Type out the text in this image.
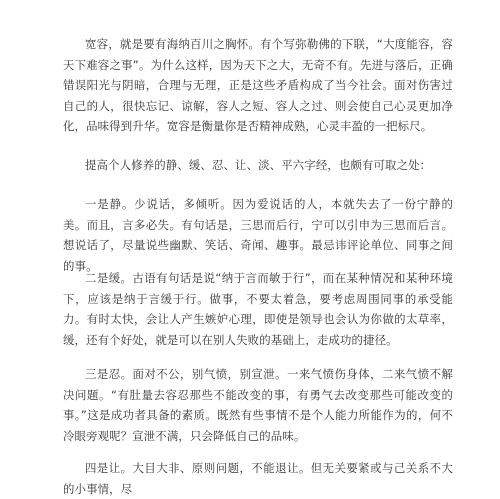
宽容，就是要有海纳百川之胸怀。有个写弥勒佛的下联，“大度能容，容天下难容之事”。为什么这样，因为天下之大，无奇不有。先进与落后，正确错误阳光与阴暗，合理与无理，正是这些矛盾构成了当今社会。面对伤害过自己的人，很快忘记、谅解，容人之短、容人之过、则会使自己心灵更加净化，品味得到升华。宽容是衡量你是否精神成熟，心灵丰盈的一把标尺。

提高个人修养的静、缓、忍、让、淡、平六字经，也颇有可取之处：

一是静。少说话，多倾听。因为爱说话的人，本就失去了一份宁静的美。而且，言多必失。有句话是，三思而后行，宁可以引申为三思而后言。想说话了，尽量说些幽默、笑话、奇闻、趣事。最忌讳评论单位、同事之间的事。

二是缓。古语有句话是说“纳于言而敏于行”，而在某种情况和某种环境下，应该是纳于言缓于行。做事，不要太着急，要考虑周围同事的承受能力。有时太快，会让人产生嫉妒心理，即使是领导也会认为你做的太草率，缓，还有个好处，就是可以在别人失败的基础上，走成功的捷径。

三是忍。面对不公，别气愤，别宣泄。一来气愤伤身体，二来气愤不解决问题。“有肚量去容忍那些不能改变的事，有勇气去改变那些可能改变的事。”这是成功者具备的素质。既然有些事情不是个人能力所能作为的，何不冷眼旁观呢？宣泄不满，只会降低自己的品味。

四是让。大目大非、原则问题，不能退让。但无关要紧或与己关系不大的小事情，尽
